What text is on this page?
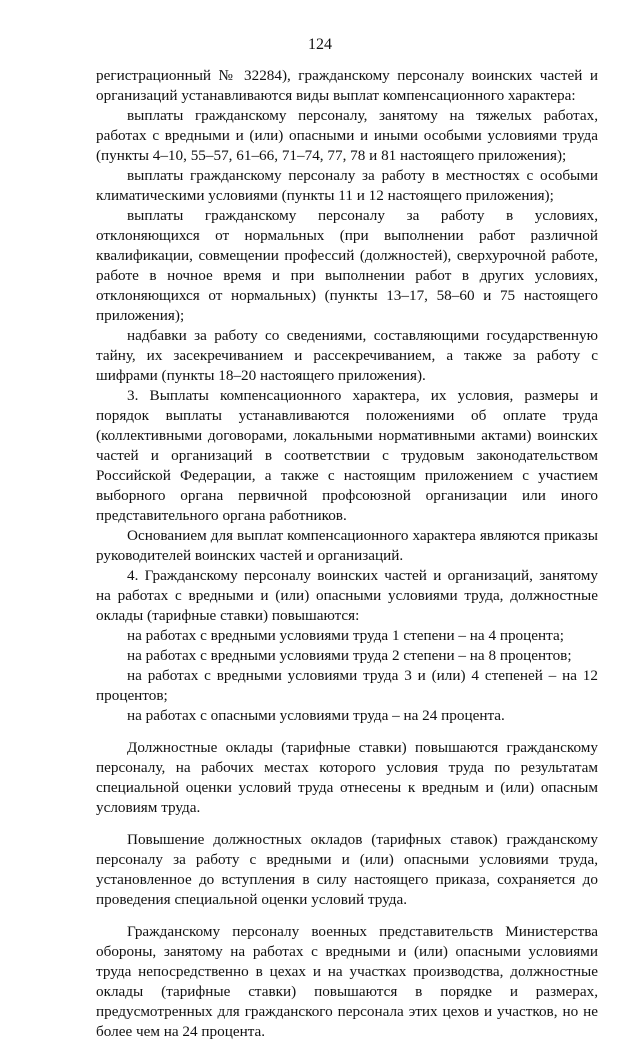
124

регистрационный № 32284), гражданскому персоналу воинских частей и организаций устанавливаются виды выплат компенсационного характера:

выплаты гражданскому персоналу, занятому на тяжелых работах, работах с вредными и (или) опасными и иными особыми условиями труда (пункты 4–10, 55–57, 61–66, 71–74, 77, 78 и 81 настоящего приложения);

выплаты гражданскому персоналу за работу в местностях с особыми климатическими условиями (пункты 11 и 12 настоящего приложения);

выплаты гражданскому персоналу за работу в условиях, отклоняющихся от нормальных (при выполнении работ различной квалификации, совмещении профессий (должностей), сверхурочной работе, работе в ночное время и при выполнении работ в других условиях, отклоняющихся от нормальных) (пункты 13–17, 58–60 и 75 настоящего приложения);

надбавки за работу со сведениями, составляющими государственную тайну, их засекречиванием и рассекречиванием, а также за работу с шифрами (пункты 18–20 настоящего приложения).

3. Выплаты компенсационного характера, их условия, размеры и порядок выплаты устанавливаются положениями об оплате труда (коллективными договорами, локальными нормативными актами) воинских частей и организаций в соответствии с трудовым законодательством Российской Федерации, а также с настоящим приложением с участием выборного органа первичной профсоюзной организации или иного представительного органа работников.

Основанием для выплат компенсационного характера являются приказы руководителей воинских частей и организаций.

4. Гражданскому персоналу воинских частей и организаций, занятому на работах с вредными и (или) опасными условиями труда, должностные оклады (тарифные ставки) повышаются:

на работах с вредными условиями труда 1 степени – на 4 процента;

на работах с вредными условиями труда 2 степени – на 8 процентов;

на работах с вредными условиями труда 3 и (или) 4 степеней – на 12 процентов;

на работах с опасными условиями труда – на 24 процента.

Должностные оклады (тарифные ставки) повышаются гражданскому персоналу, на рабочих местах которого условия труда по результатам специальной оценки условий труда отнесены к вредным и (или) опасным условиям труда.

Повышение должностных окладов (тарифных ставок) гражданскому персоналу за работу с вредными и (или) опасными условиями труда, установленное до вступления в силу настоящего приказа, сохраняется до проведения специальной оценки условий труда.

Гражданскому персоналу военных представительств Министерства обороны, занятому на работах с вредными и (или) опасными условиями труда непосредственно в цехах и на участках производства, должностные оклады (тарифные ставки) повышаются в порядке и размерах, предусмотренных для гражданского персонала этих цехов и участков, но не более чем на 24 процента.
